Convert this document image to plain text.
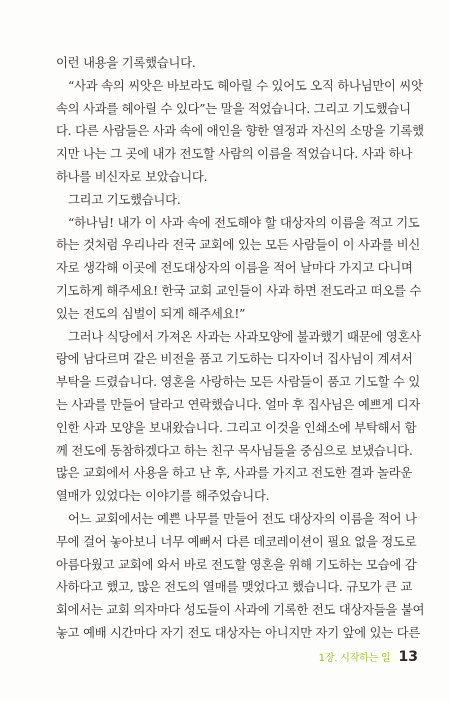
이런 내용을 기록했습니다.
“사과 속의 씨앗은 바보라도 헤아릴 수 있어도 오직 하나님만이 씨앗
속의 사과를 헤아릴 수 있다”는 말을 적었습니다. 그리고 기도했습니
다. 다른 사람들은 사과 속에 애인을 향한 열정과 자신의 소망을 기록했
지만 나는 그 곳에 내가 전도할 사람의 이름을 적었습니다. 사과 하나
하나를 비신자로 보았습니다.
그리고 기도했습니다.
“하나님! 내가 이 사과 속에 전도해야 할 대상자의 이름을 적고 기도
하는 것처럼 우리나라 전국 교회에 있는 모든 사람들이 이 사과를 비신
자로 생각해 이곳에 전도대상자의 이름을 적어 날마다 가지고 다니며
기도하게 해주세요! 한국 교회 교인들이 사과 하면 전도라고 떠오를 수
있는 전도의 심벌이 되게 해주세요!”
그러나 식당에서 가져온 사과는 사과모양에 불과했기 때문에 영혼사
랑에 남다르며 같은 비전을 품고 기도하는 디자이너 집사님이 계셔서
부탁을 드렸습니다. 영혼을 사랑하는 모든 사람들이 품고 기도할 수 있
는 사과를 만들어 달라고 연락했습니다. 얼마 후 집사님은 예쁘게 디자
인한 사과 모양을 보내왔습니다. 그리고 이것을 인쇄소에 부탁해서 함
께 전도에 동참하겠다고 하는 친구 목사님들을 중심으로 보냈습니다.
많은 교회에서 사용을 하고 난 후, 사과를 가지고 전도한 결과 놀라운
열매가 있었다는 이야기를 해주었습니다.
어느 교회에서는 예쁜 나무를 만들어 전도 대상자의 이름을 적어 나
무에 걸어 놓아보니 너무 예뻐서 다른 데코레이션이 필요 없을 정도로
아름다웠고 교회에 와서 바로 전도할 영혼을 위해 기도하는 모습에 감
사하다고 했고, 많은 전도의 열매를 맺었다고 했습니다. 규모가 큰 교
회에서는 교회 의자마다 성도들이 사과에 기록한 전도 대상자들을 붙여
놓고 예배 시간마다 자기 전도 대상자는 아니지만 자기 앞에 있는 다른
1장. 시작하는 일 13
